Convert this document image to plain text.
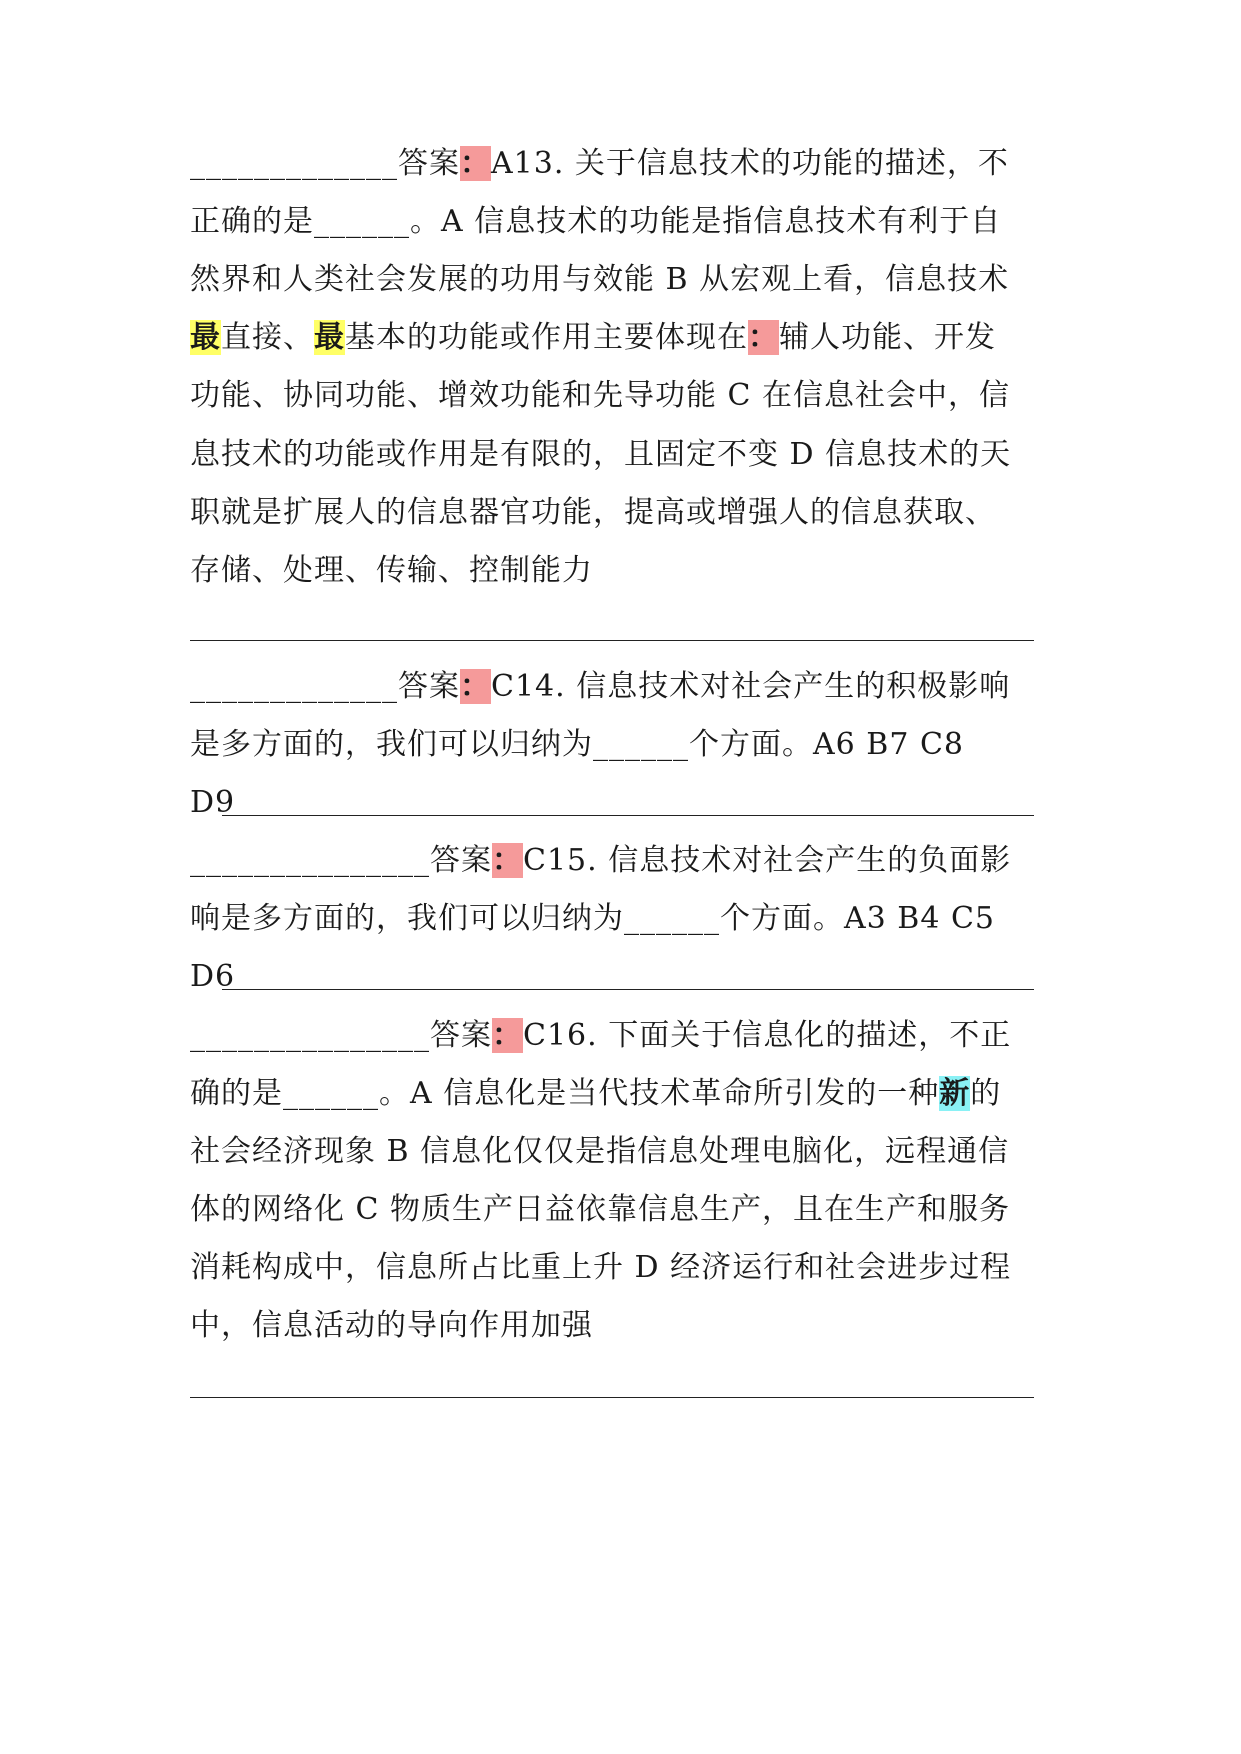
_____________答案：A13. 关于信息技术的功能的描述，不
正确的是______。A 信息技术的功能是指信息技术有利于自
然界和人类社会发展的功用与效能 B 从宏观上看，信息技术
最直接、最基本的功能或作用主要体现在：辅人功能、开发
功能、协同功能、增效功能和先导功能 C 在信息社会中，信
息技术的功能或作用是有限的，且固定不变 D 信息技术的天
职就是扩展人的信息器官功能，提高或增强人的信息获取、
存储、处理、传输、控制能力
_____________答案：C14. 信息技术对社会产生的积极影响
是多方面的，我们可以归纳为______个方面。A6 B7 C8
D9
_______________答案：C15. 信息技术对社会产生的负面影
响是多方面的，我们可以归纳为______个方面。A3 B4 C5
D6
_______________答案：C16. 下面关于信息化的描述，不正
确的是______。A 信息化是当代技术革命所引发的一种新的
社会经济现象 B 信息化仅仅是指信息处理电脑化，远程通信
体的网络化 C 物质生产日益依靠信息生产，且在生产和服务
消耗构成中，信息所占比重上升 D 经济运行和社会进步过程
中，信息活动的导向作用加强
